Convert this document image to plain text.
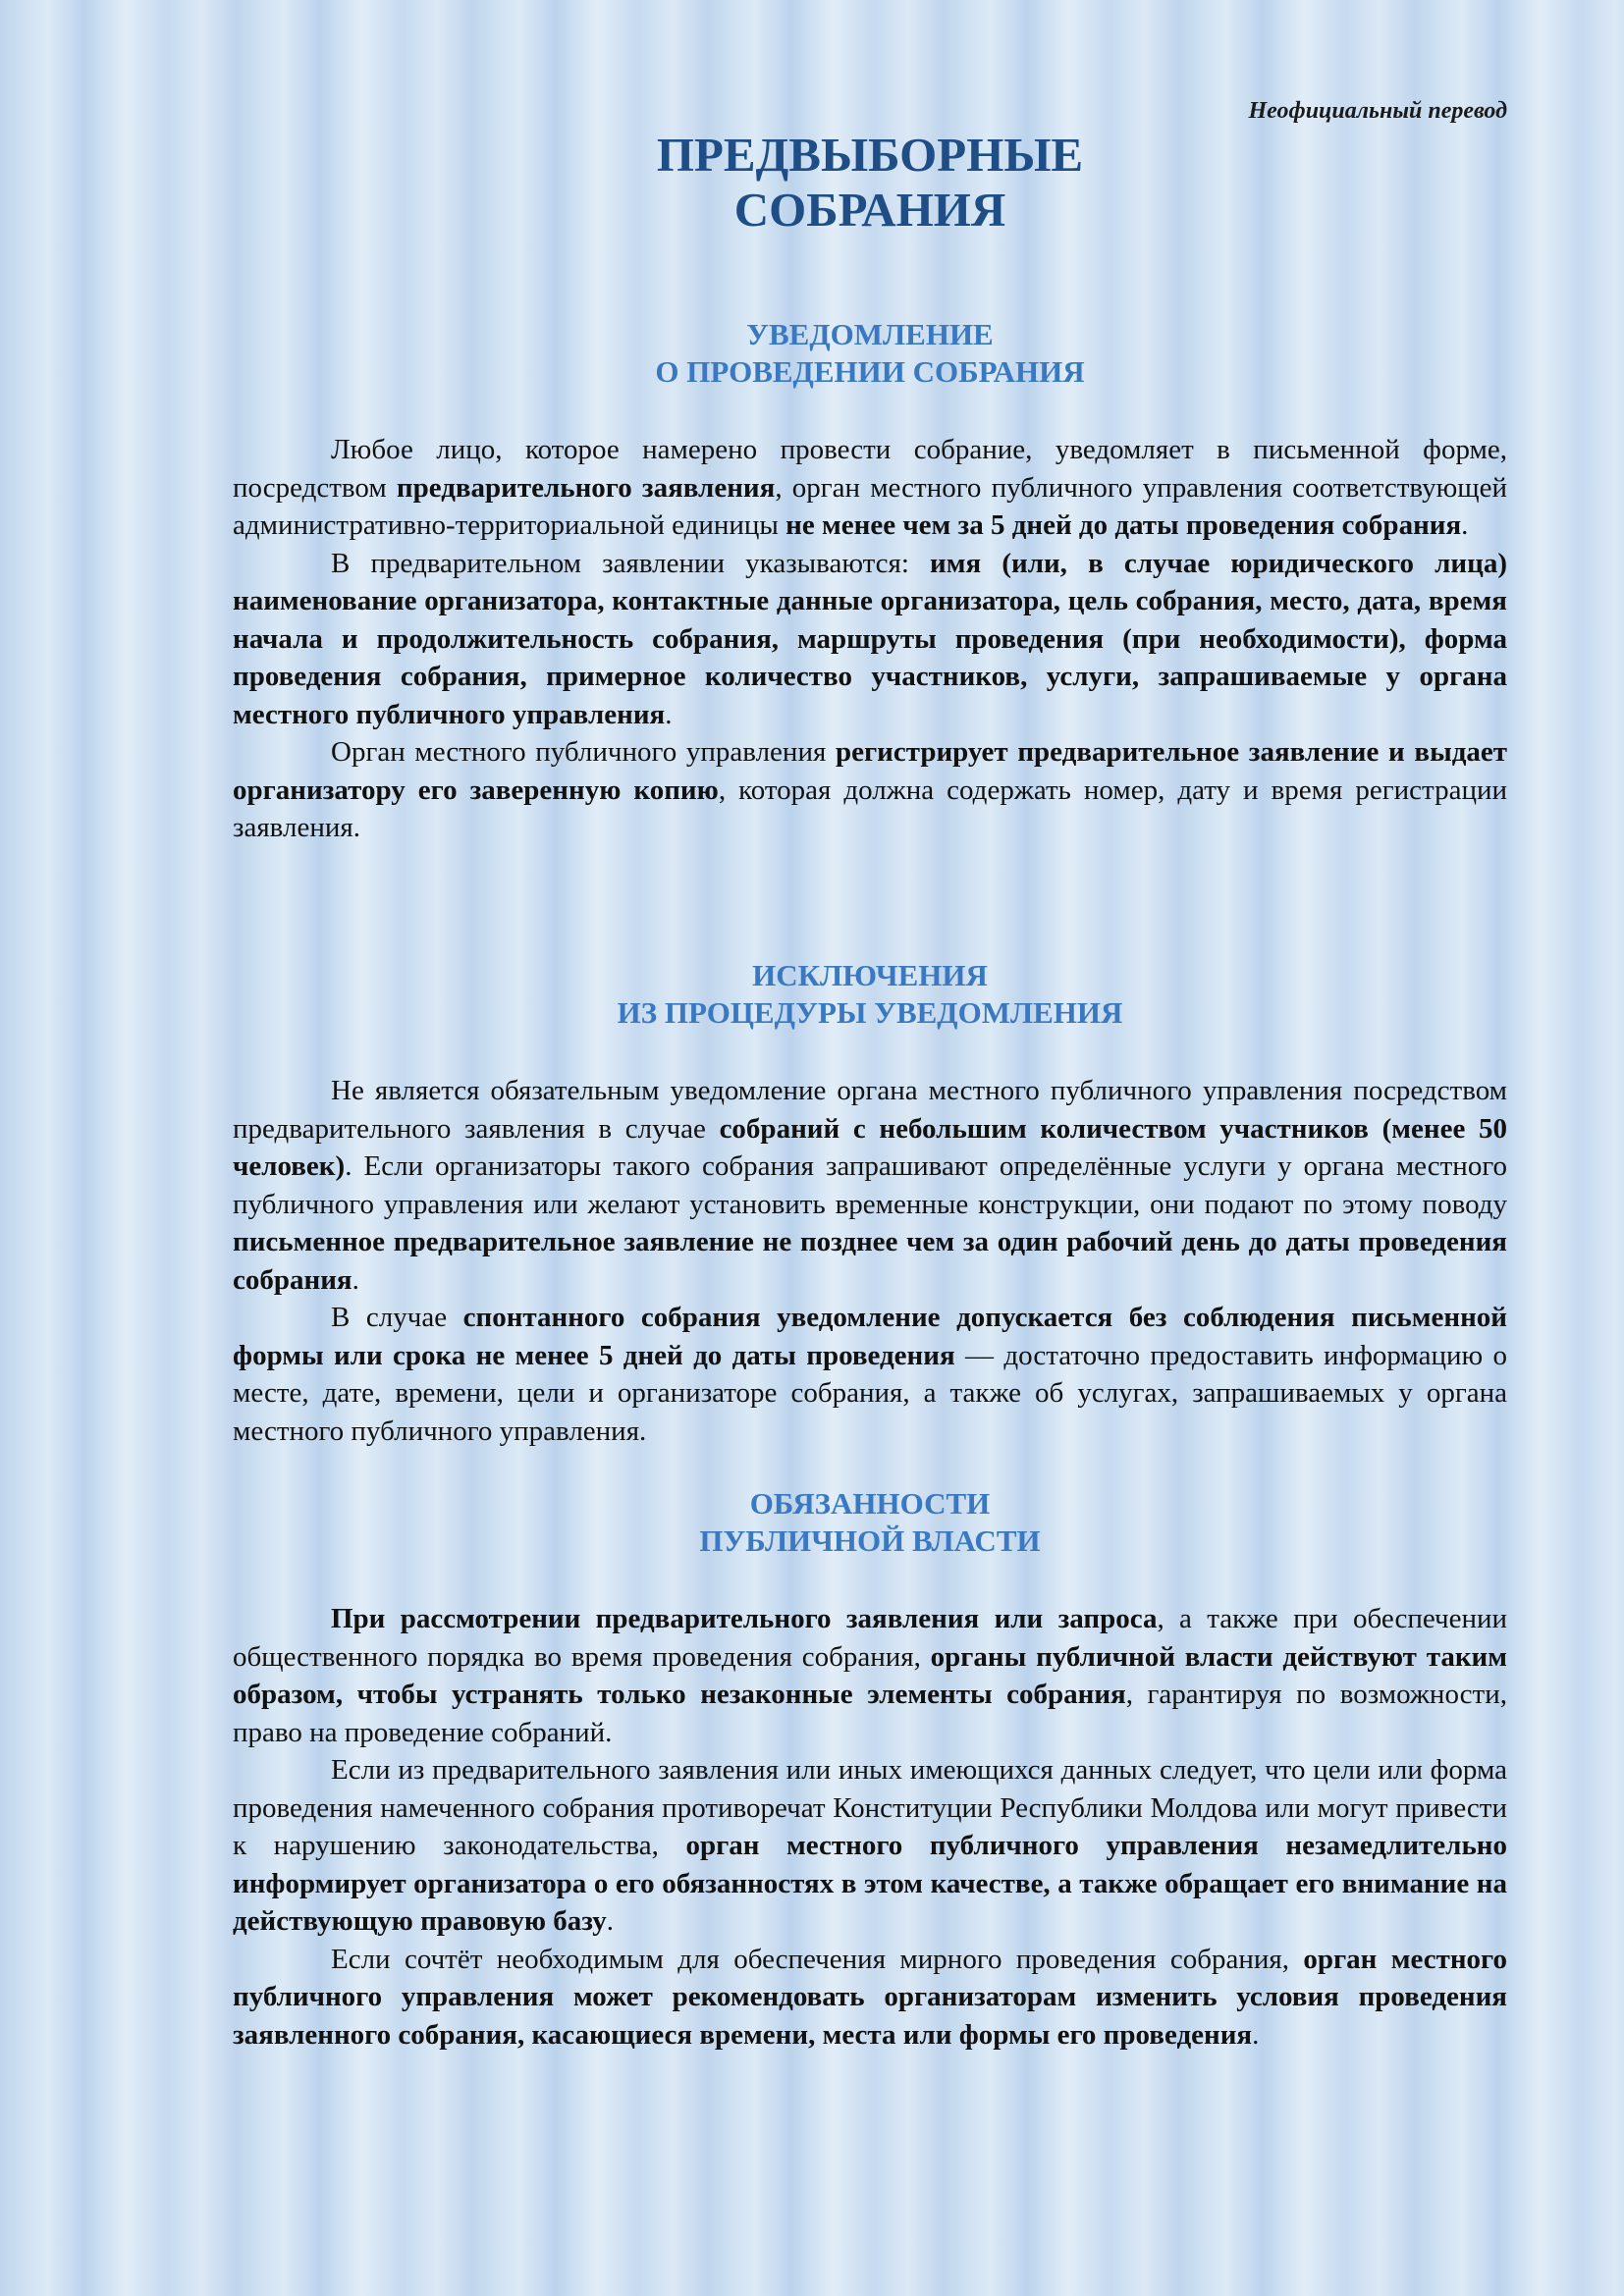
Неофициальный перевод
ПРЕДВЫБОРНЫЕ
СОБРАНИЯ
УВЕДОМЛЕНИЕ
О ПРОВЕДЕНИИ СОБРАНИЯ

Любое лицо, которое намерено провести собрание, уведомляет в письменной форме, посредством предварительного заявления, орган местного публичного управления соответствующей административно-территориальной единицы не менее чем за 5 дней до даты проведения собрания.

В предварительном заявлении указываются: имя (или, в случае юридического лица) наименование организатора, контактные данные организатора, цель собрания, место, дата, время начала и продолжительность собрания, маршруты проведения (при необходимости), форма проведения собрания, примерное количество участников, услуги, запрашиваемые у органа местного публичного управления.

Орган местного публичного управления регистрирует предварительное заявление и выдает организатору его заверенную копию, которая должна содержать номер, дату и время регистрации заявления.

ИСКЛЮЧЕНИЯ
ИЗ ПРОЦЕДУРЫ УВЕДОМЛЕНИЯ

Не является обязательным уведомление органа местного публичного управления посредством предварительного заявления в случае собраний с небольшим количеством участников (менее 50 человек). Если организаторы такого собрания запрашивают определённые услуги у органа местного публичного управления или желают установить временные конструкции, они подают по этому поводу письменное предварительное заявление не позднее чем за один рабочий день до даты проведения собрания.

В случае спонтанного собрания уведомление допускается без соблюдения письменной формы или срока не менее 5 дней до даты проведения — достаточно предоставить информацию о месте, дате, времени, цели и организаторе собрания, а также об услугах, запрашиваемых у органа местного публичного управления.

ОБЯЗАННОСТИ
ПУБЛИЧНОЙ ВЛАСТИ

При рассмотрении предварительного заявления или запроса, а также при обеспечении общественного порядка во время проведения собрания, органы публичной власти действуют таким образом, чтобы устранять только незаконные элементы собрания, гарантируя по возможности, право на проведение собраний.

Если из предварительного заявления или иных имеющихся данных следует, что цели или форма проведения намеченного собрания противоречат Конституции Республики Молдова или могут привести к нарушению законодательства, орган местного публичного управления незамедлительно информирует организатора о его обязанностях в этом качестве, а также обращает его внимание на действующую правовую базу.

Если сочтёт необходимым для обеспечения мирного проведения собрания, орган местного публичного управления может рекомендовать организаторам изменить условия проведения заявленного собрания, касающиеся времени, места или формы его проведения.
